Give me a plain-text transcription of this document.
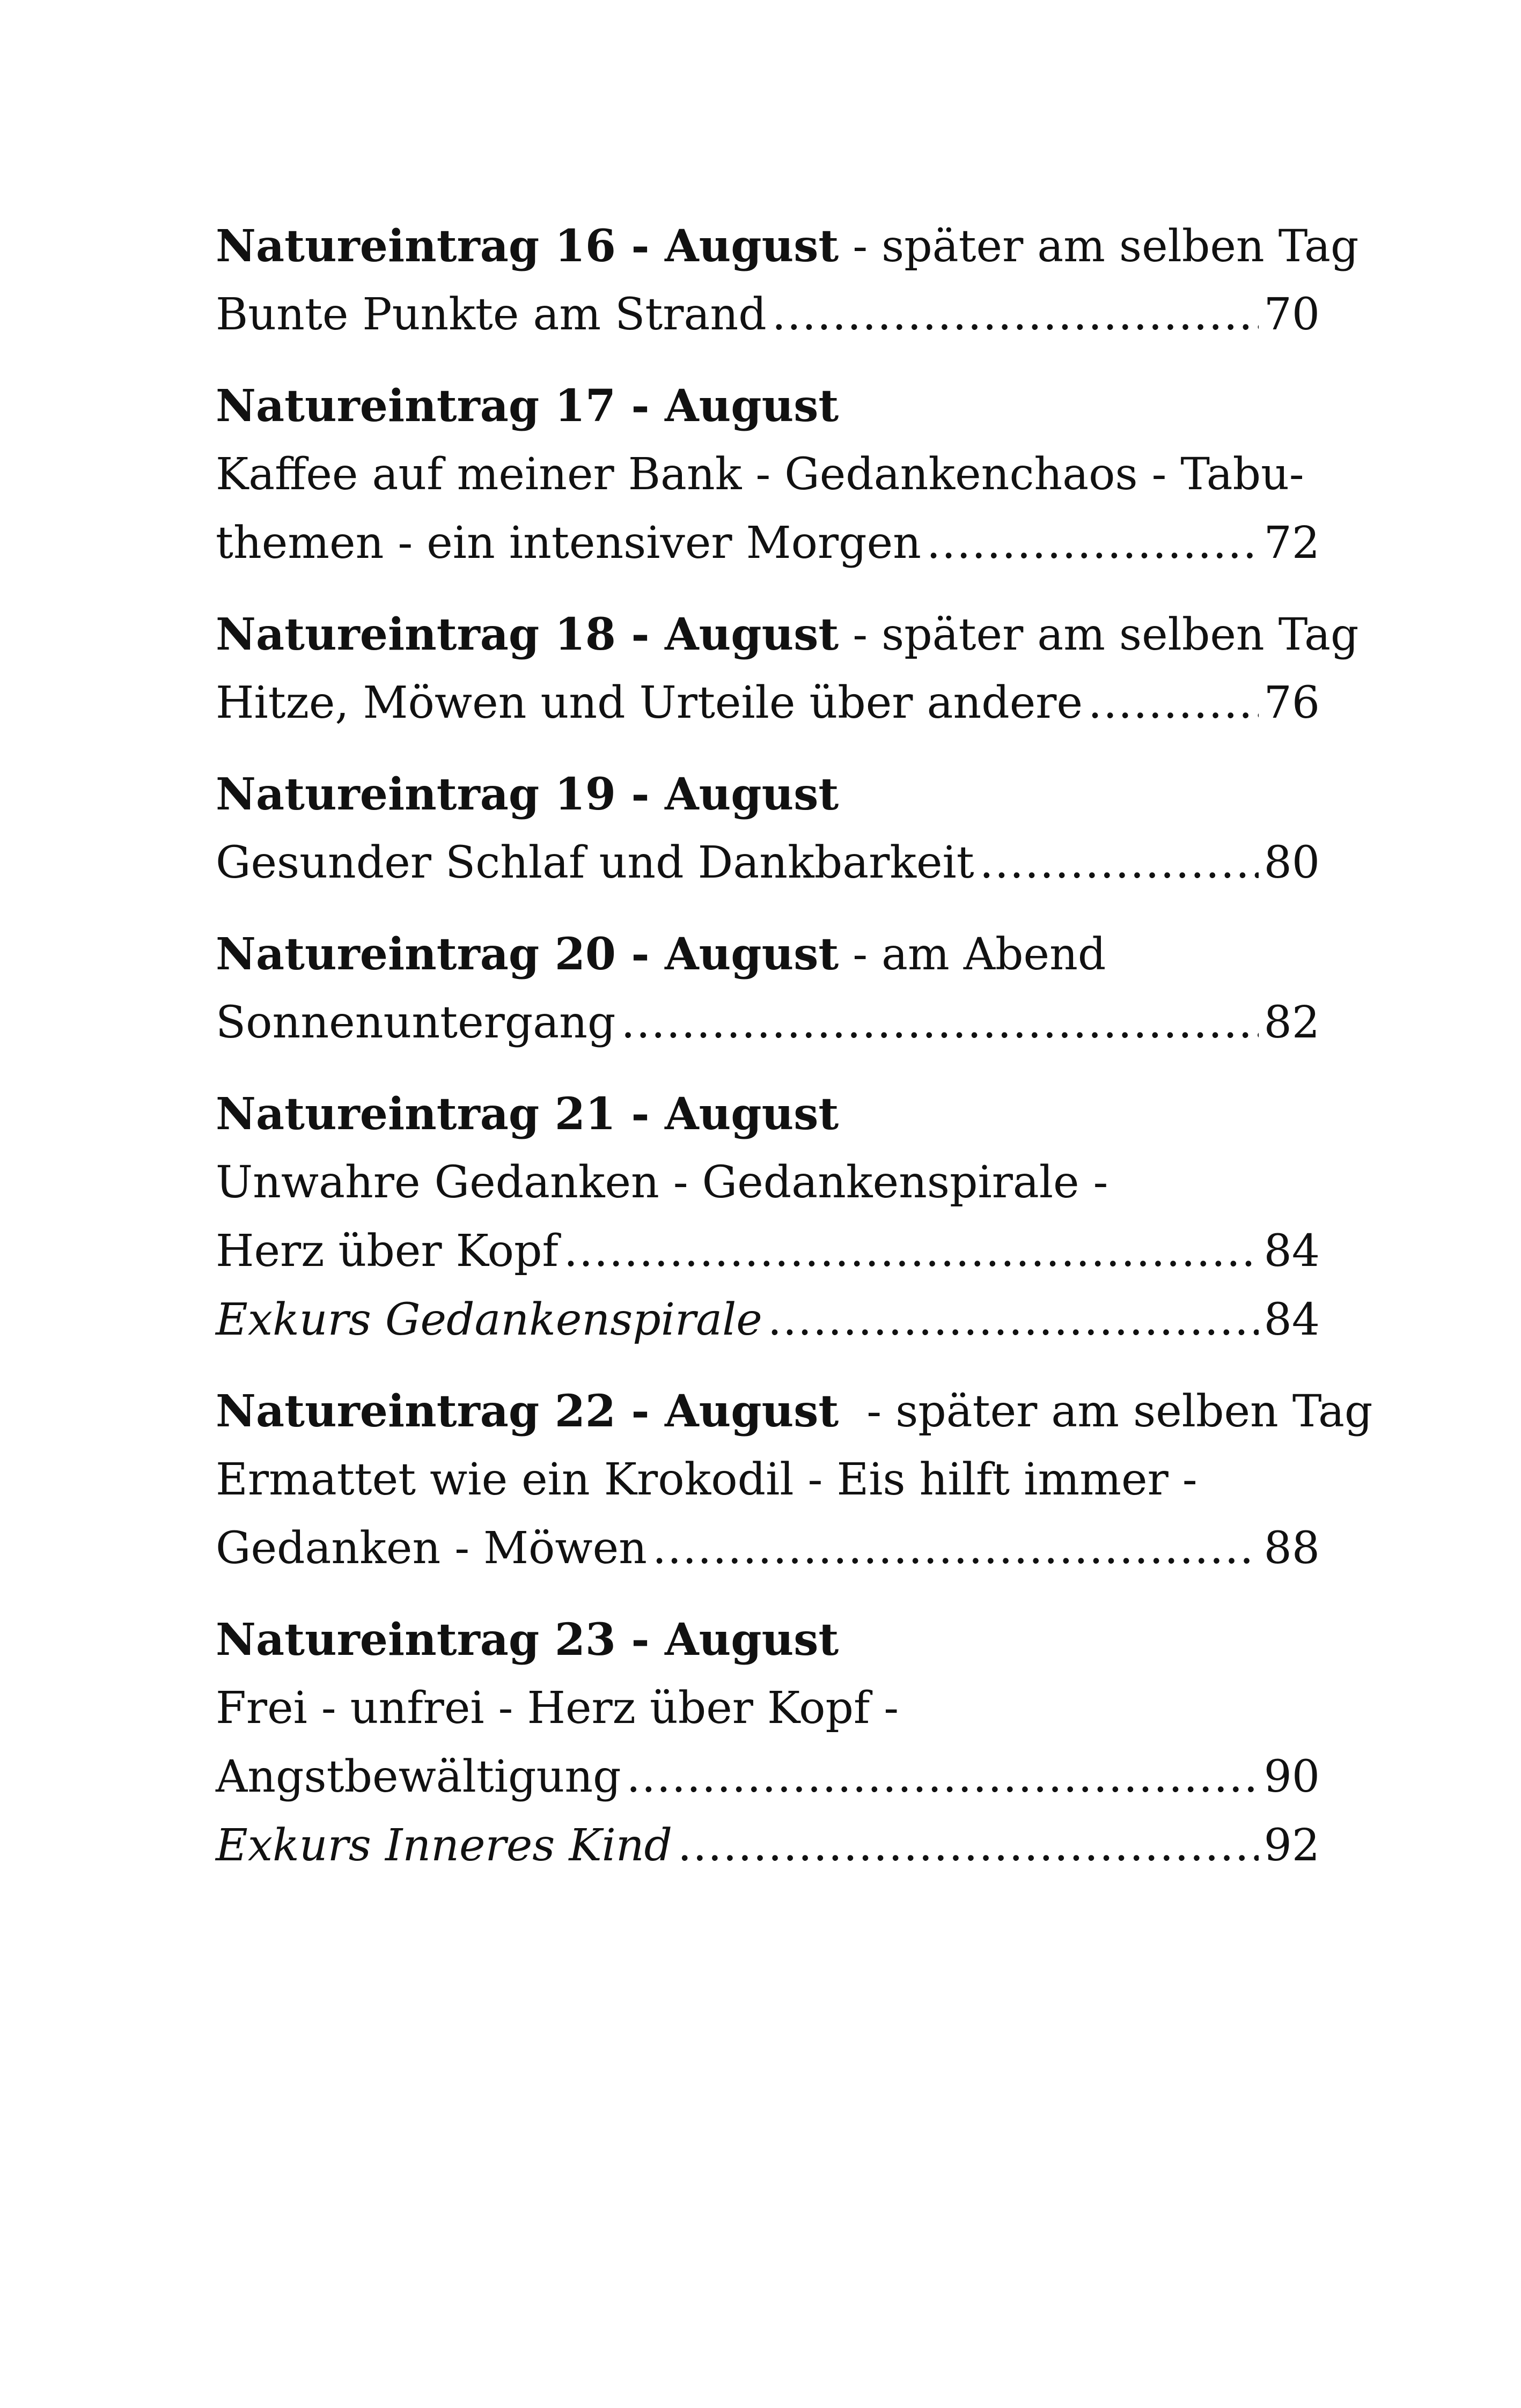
Natureintrag 16 - August - später am selben Tag
Bunte Punkte am Strand .....	70
Natureintrag 17 - August
Kaffee auf meiner Bank - Gedankenchaos - Tabu-
themen - ein intensiver Morgen .....	72
Natureintrag 18 - August - später am selben Tag
Hitze, Möwen und Urteile über andere .....	76
Natureintrag 19 - August
Gesunder Schlaf und Dankbarkeit .....	80
Natureintrag 20 - August - am Abend
Sonnenuntergang .....	82
Natureintrag 21 - August
Unwahre Gedanken - Gedankenspirale -
Herz über Kopf .....	84
Exkurs Gedankenspirale .....	84
Natureintrag 22 - August - später am selben Tag
Ermattet wie ein Krokodil - Eis hilft immer -
Gedanken - Möwen .....	88
Natureintrag 23 - August
Frei - unfrei - Herz über Kopf -
Angstbewältigung .....	90
Exkurs Inneres Kind .....	92
